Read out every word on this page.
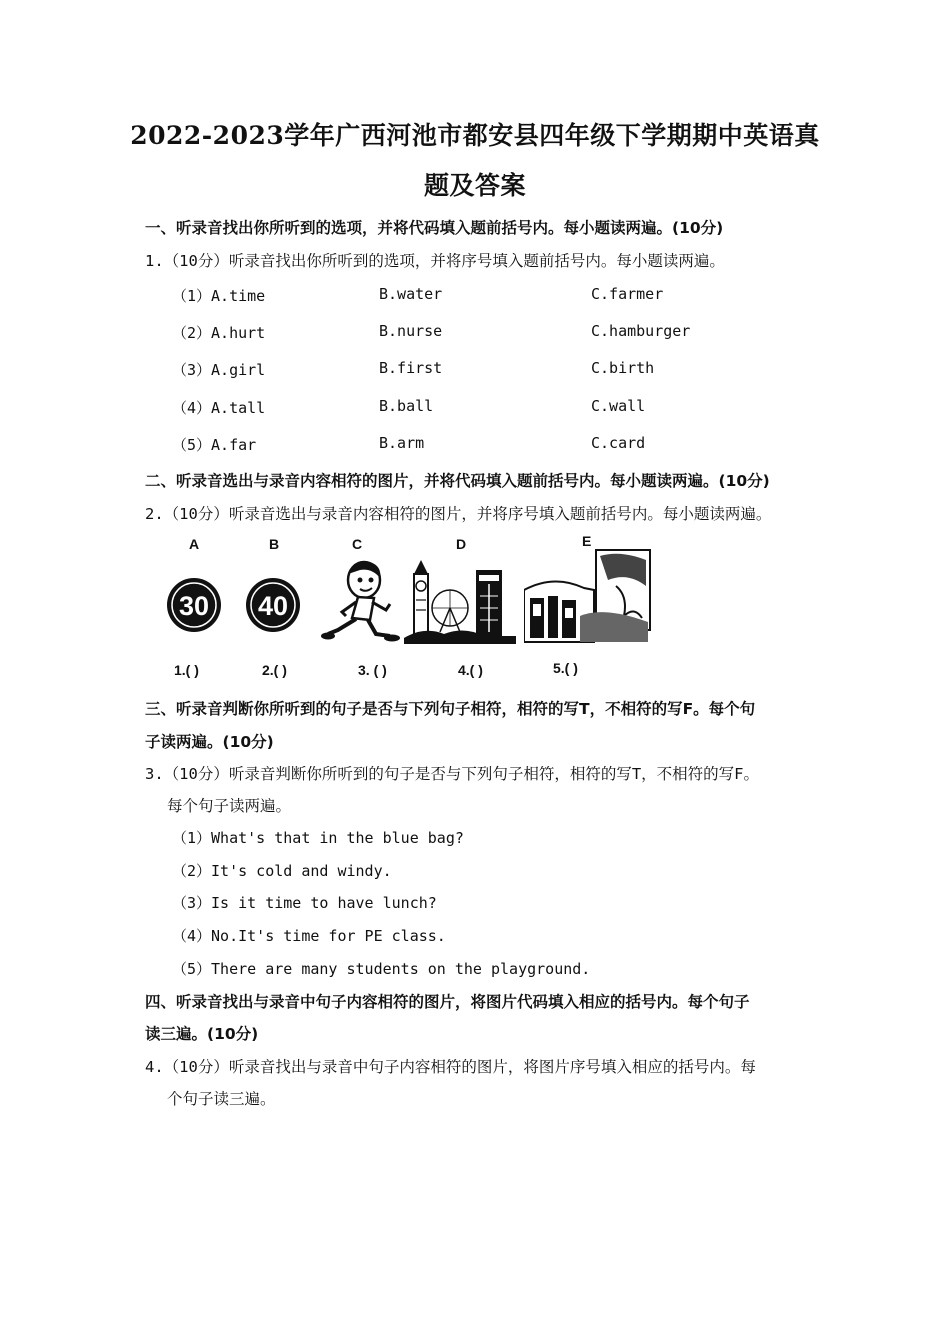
2022-2023学年广西河池市都安县四年级下学期期中英语真
题及答案
一、听录音找出你所听到的选项，并将代码填入题前括号内。每小题读两遍。(10分)
1.（10分）听录音找出你所听到的选项，并将序号填入题前括号内。每小题读两遍。
（1）A.time	B.water	C.farmer
（2）A.hurt	B.nurse	C.hamburger
（3）A.girl	B.first	C.birth
（4）A.tall	B.ball	C.wall
（5）A.far	B.arm	C.card
二、听录音选出与录音内容相符的图片，并将代码填入题前括号内。每小题读两遍。(10分)
2.（10分）听录音选出与录音内容相符的图片，并将序号填入题前括号内。每小题读两遍。
A	B	C	D	E
30 40
1.( )	2.( )	3. ( )	4.( )	5.( )
三、听录音判断你所听到的句子是否与下列句子相符，相符的写T，不相符的写F。每个句
子读两遍。(10分)
3.（10分）听录音判断你所听到的句子是否与下列句子相符，相符的写T，不相符的写F。
每个句子读两遍。
（1）What's that in the blue bag?
（2）It's cold and windy.
（3）Is it time to have lunch?
（4）No.It's time for PE class.
（5）There are many students on the playground.
四、听录音找出与录音中句子内容相符的图片，将图片代码填入相应的括号内。每个句子
读三遍。(10分)
4.（10分）听录音找出与录音中句子内容相符的图片，将图片序号填入相应的括号内。每
个句子读三遍。
